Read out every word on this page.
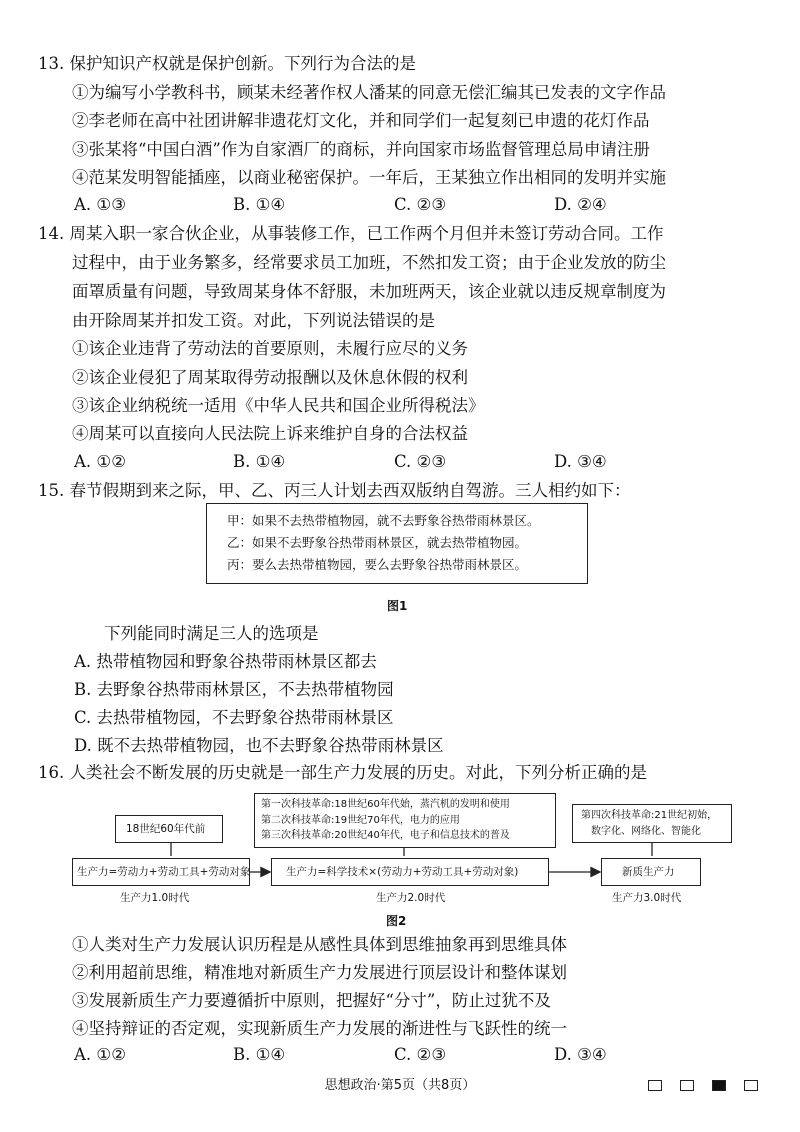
13. 保护知识产权就是保护创新。下列行为合法的是
①为编写小学教科书，顾某未经著作权人潘某的同意无偿汇编其已发表的文字作品
②李老师在高中社团讲解非遗花灯文化，并和同学们一起复刻已申遗的花灯作品
③张某将“中国白酒”作为自家酒厂的商标，并向国家市场监督管理总局申请注册
④范某发明智能插座，以商业秘密保护。一年后，王某独立作出相同的发明并实施
A. ①③	B. ①④	C. ②③	D. ②④
14. 周某入职一家合伙企业，从事装修工作，已工作两个月但并未签订劳动合同。工作
过程中，由于业务繁多，经常要求员工加班，不然扣发工资；由于企业发放的防尘
面罩质量有问题，导致周某身体不舒服，未加班两天，该企业就以违反规章制度为
由开除周某并扣发工资。对此，下列说法错误的是
①该企业违背了劳动法的首要原则，未履行应尽的义务
②该企业侵犯了周某取得劳动报酬以及休息休假的权利
③该企业纳税统一适用《中华人民共和国企业所得税法》
④周某可以直接向人民法院上诉来维护自身的合法权益
A. ①②	B. ①④	C. ②③	D. ③④
15. 春节假期到来之际，甲、乙、丙三人计划去西双版纳自驾游。三人相约如下：
甲：如果不去热带植物园，就不去野象谷热带雨林景区。
乙：如果不去野象谷热带雨林景区，就去热带植物园。
丙：要么去热带植物园，要么去野象谷热带雨林景区。
图1
下列能同时满足三人的选项是
A. 热带植物园和野象谷热带雨林景区都去
B. 去野象谷热带雨林景区，不去热带植物园
C. 去热带植物园，不去野象谷热带雨林景区
D. 既不去热带植物园，也不去野象谷热带雨林景区
16. 人类社会不断发展的历史就是一部生产力发展的历史。对此，下列分析正确的是
18世纪60年代前
第一次科技革命:18世纪60年代始，蒸汽机的发明和使用
第二次科技革命:19世纪70年代，电力的应用
第三次科技革命:20世纪40年代，电子和信息技术的普及
第四次科技革命:21世纪初始，
数字化、网络化、智能化
生产力=劳动力+劳动工具+劳动对象	生产力=科学技术×(劳动力+劳动工具+劳动对象)	新质生产力
生产力1.0时代	生产力2.0时代	生产力3.0时代
图2
①人类对生产力发展认识历程是从感性具体到思维抽象再到思维具体
②利用超前思维，精准地对新质生产力发展进行顶层设计和整体谋划
③发展新质生产力要遵循折中原则，把握好“分寸”，防止过犹不及
④坚持辩证的否定观，实现新质生产力发展的渐进性与飞跃性的统一
A. ①②	B. ①④	C. ②③	D. ③④
思想政治·第5页（共8页）
